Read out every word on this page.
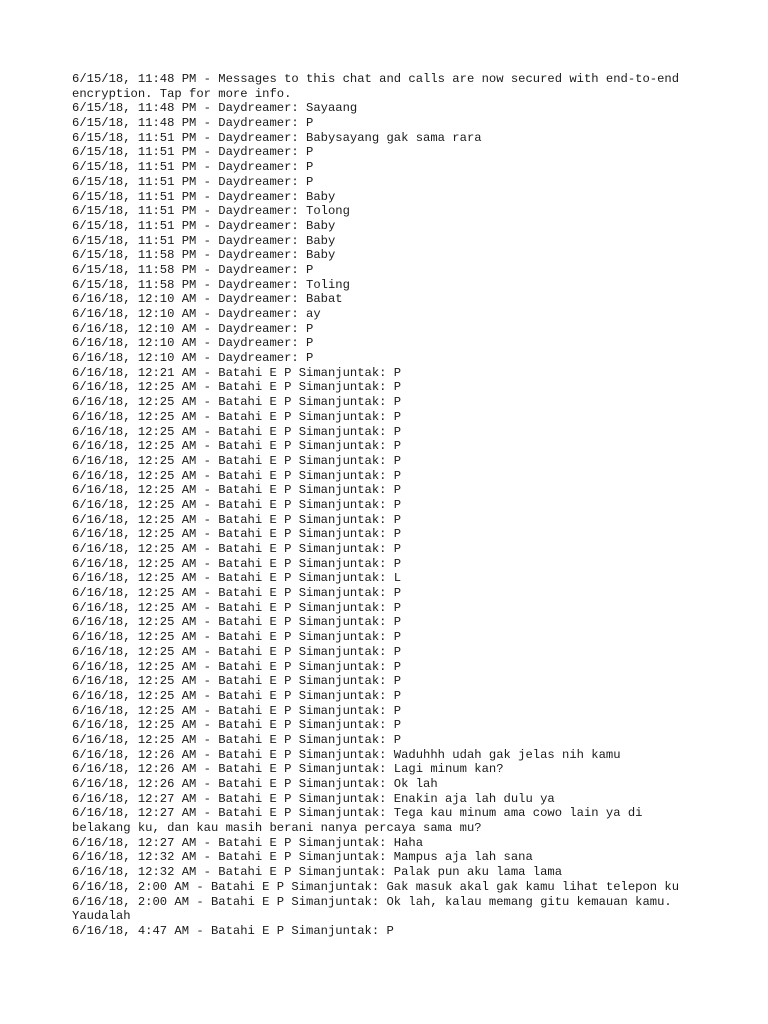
6/15/18, 11:48 PM - Messages to this chat and calls are now secured with end-to-end
encryption. Tap for more info.
6/15/18, 11:48 PM - Daydreamer: Sayaang
6/15/18, 11:48 PM - Daydreamer: P
6/15/18, 11:51 PM - Daydreamer: Babysayang gak sama rara
6/15/18, 11:51 PM - Daydreamer: P
6/15/18, 11:51 PM - Daydreamer: P
6/15/18, 11:51 PM - Daydreamer: P
6/15/18, 11:51 PM - Daydreamer: Baby
6/15/18, 11:51 PM - Daydreamer: Tolong
6/15/18, 11:51 PM - Daydreamer: Baby
6/15/18, 11:51 PM - Daydreamer: Baby
6/15/18, 11:58 PM - Daydreamer: Baby
6/15/18, 11:58 PM - Daydreamer: P
6/15/18, 11:58 PM - Daydreamer: Toling
6/16/18, 12:10 AM - Daydreamer: Babat
6/16/18, 12:10 AM - Daydreamer: ay
6/16/18, 12:10 AM - Daydreamer: P
6/16/18, 12:10 AM - Daydreamer: P
6/16/18, 12:10 AM - Daydreamer: P
6/16/18, 12:21 AM - Batahi E P Simanjuntak: P
6/16/18, 12:25 AM - Batahi E P Simanjuntak: P
6/16/18, 12:25 AM - Batahi E P Simanjuntak: P
6/16/18, 12:25 AM - Batahi E P Simanjuntak: P
6/16/18, 12:25 AM - Batahi E P Simanjuntak: P
6/16/18, 12:25 AM - Batahi E P Simanjuntak: P
6/16/18, 12:25 AM - Batahi E P Simanjuntak: P
6/16/18, 12:25 AM - Batahi E P Simanjuntak: P
6/16/18, 12:25 AM - Batahi E P Simanjuntak: P
6/16/18, 12:25 AM - Batahi E P Simanjuntak: P
6/16/18, 12:25 AM - Batahi E P Simanjuntak: P
6/16/18, 12:25 AM - Batahi E P Simanjuntak: P
6/16/18, 12:25 AM - Batahi E P Simanjuntak: P
6/16/18, 12:25 AM - Batahi E P Simanjuntak: P
6/16/18, 12:25 AM - Batahi E P Simanjuntak: L
6/16/18, 12:25 AM - Batahi E P Simanjuntak: P
6/16/18, 12:25 AM - Batahi E P Simanjuntak: P
6/16/18, 12:25 AM - Batahi E P Simanjuntak: P
6/16/18, 12:25 AM - Batahi E P Simanjuntak: P
6/16/18, 12:25 AM - Batahi E P Simanjuntak: P
6/16/18, 12:25 AM - Batahi E P Simanjuntak: P
6/16/18, 12:25 AM - Batahi E P Simanjuntak: P
6/16/18, 12:25 AM - Batahi E P Simanjuntak: P
6/16/18, 12:25 AM - Batahi E P Simanjuntak: P
6/16/18, 12:25 AM - Batahi E P Simanjuntak: P
6/16/18, 12:25 AM - Batahi E P Simanjuntak: P
6/16/18, 12:26 AM - Batahi E P Simanjuntak: Waduhhh udah gak jelas nih kamu
6/16/18, 12:26 AM - Batahi E P Simanjuntak: Lagi minum kan?
6/16/18, 12:26 AM - Batahi E P Simanjuntak: Ok lah
6/16/18, 12:27 AM - Batahi E P Simanjuntak: Enakin aja lah dulu ya
6/16/18, 12:27 AM - Batahi E P Simanjuntak: Tega kau minum ama cowo lain ya di
belakang ku, dan kau masih berani nanya percaya sama mu?
6/16/18, 12:27 AM - Batahi E P Simanjuntak: Haha
6/16/18, 12:32 AM - Batahi E P Simanjuntak: Mampus aja lah sana
6/16/18, 12:32 AM - Batahi E P Simanjuntak: Palak pun aku lama lama
6/16/18, 2:00 AM - Batahi E P Simanjuntak: Gak masuk akal gak kamu lihat telepon ku
6/16/18, 2:00 AM - Batahi E P Simanjuntak: Ok lah, kalau memang gitu kemauan kamu.
Yaudalah
6/16/18, 4:47 AM - Batahi E P Simanjuntak: P
